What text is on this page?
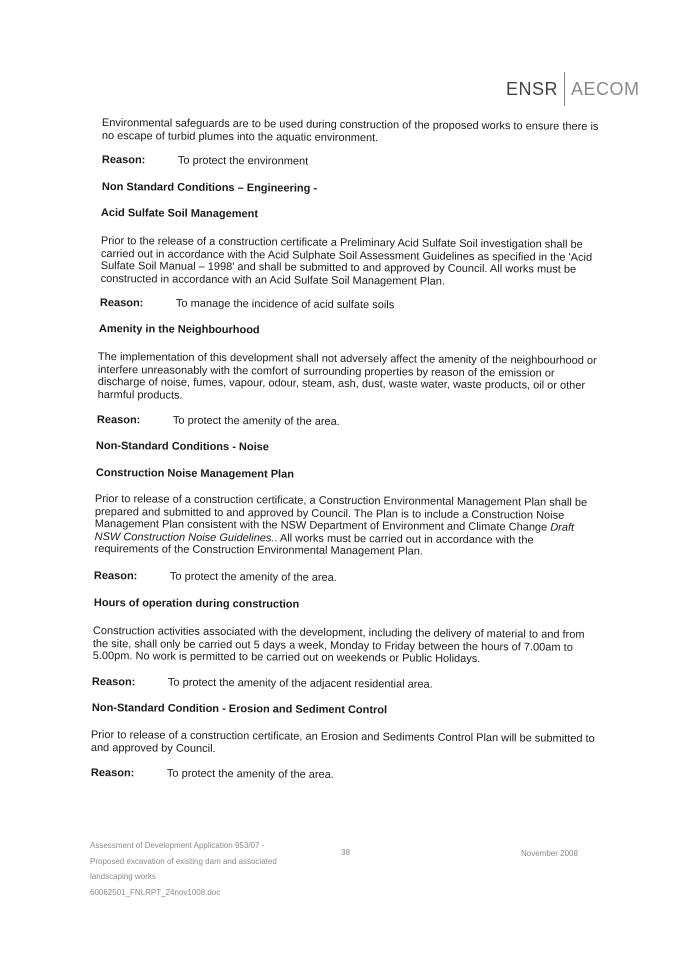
ENSR AECOM
Environmental safeguards are to be used during construction of the proposed works to ensure there is no escape of turbid plumes into the aquatic environment.
Reason:	To protect the environment
Non Standard Conditions – Engineering -
Acid Sulfate Soil Management
Prior to the release of a construction certificate a Preliminary Acid Sulfate Soil investigation shall be carried out in accordance with the Acid Sulphate Soil Assessment Guidelines as specified in the 'Acid Sulfate Soil Manual – 1998' and shall be submitted to and approved by Council. All works must be constructed in accordance with an Acid Sulfate Soil Management Plan.
Reason:	To manage the incidence of acid sulfate soils
Amenity in the Neighbourhood
The implementation of this development shall not adversely affect the amenity of the neighbourhood or interfere unreasonably with the comfort of surrounding properties by reason of the emission or discharge of noise, fumes, vapour, odour, steam, ash, dust, waste water, waste products, oil or other harmful products.
Reason:	To protect the amenity of the area.
Non-Standard Conditions - Noise
Construction Noise Management Plan
Prior to release of a construction certificate, a Construction Environmental Management Plan shall be prepared and submitted to and approved by Council. The Plan is to include a Construction Noise Management Plan consistent with the NSW Department of Environment and Climate Change Draft NSW Construction Noise Guidelines.. All works must be carried out in accordance with the requirements of the Construction Environmental Management Plan.
Reason:	To protect the amenity of the area.
Hours of operation during construction
Construction activities associated with the development, including the delivery of material to and from the site, shall only be carried out 5 days a week, Monday to Friday between the hours of 7.00am to 5.00pm. No work is permitted to be carried out on weekends or Public Holidays.
Reason:	To protect the amenity of the adjacent residential area.
Non-Standard Condition - Erosion and Sediment Control
Prior to release of a construction certificate, an Erosion and Sediments Control Plan will be submitted to and approved by Council.
Reason:	To protect the amenity of the area.
Assessment of Development Application 953/07 -
Proposed excavation of existing dam and associated
landscaping works
60062501_FNLRPT_24nov1008.doc
38	November 2008
